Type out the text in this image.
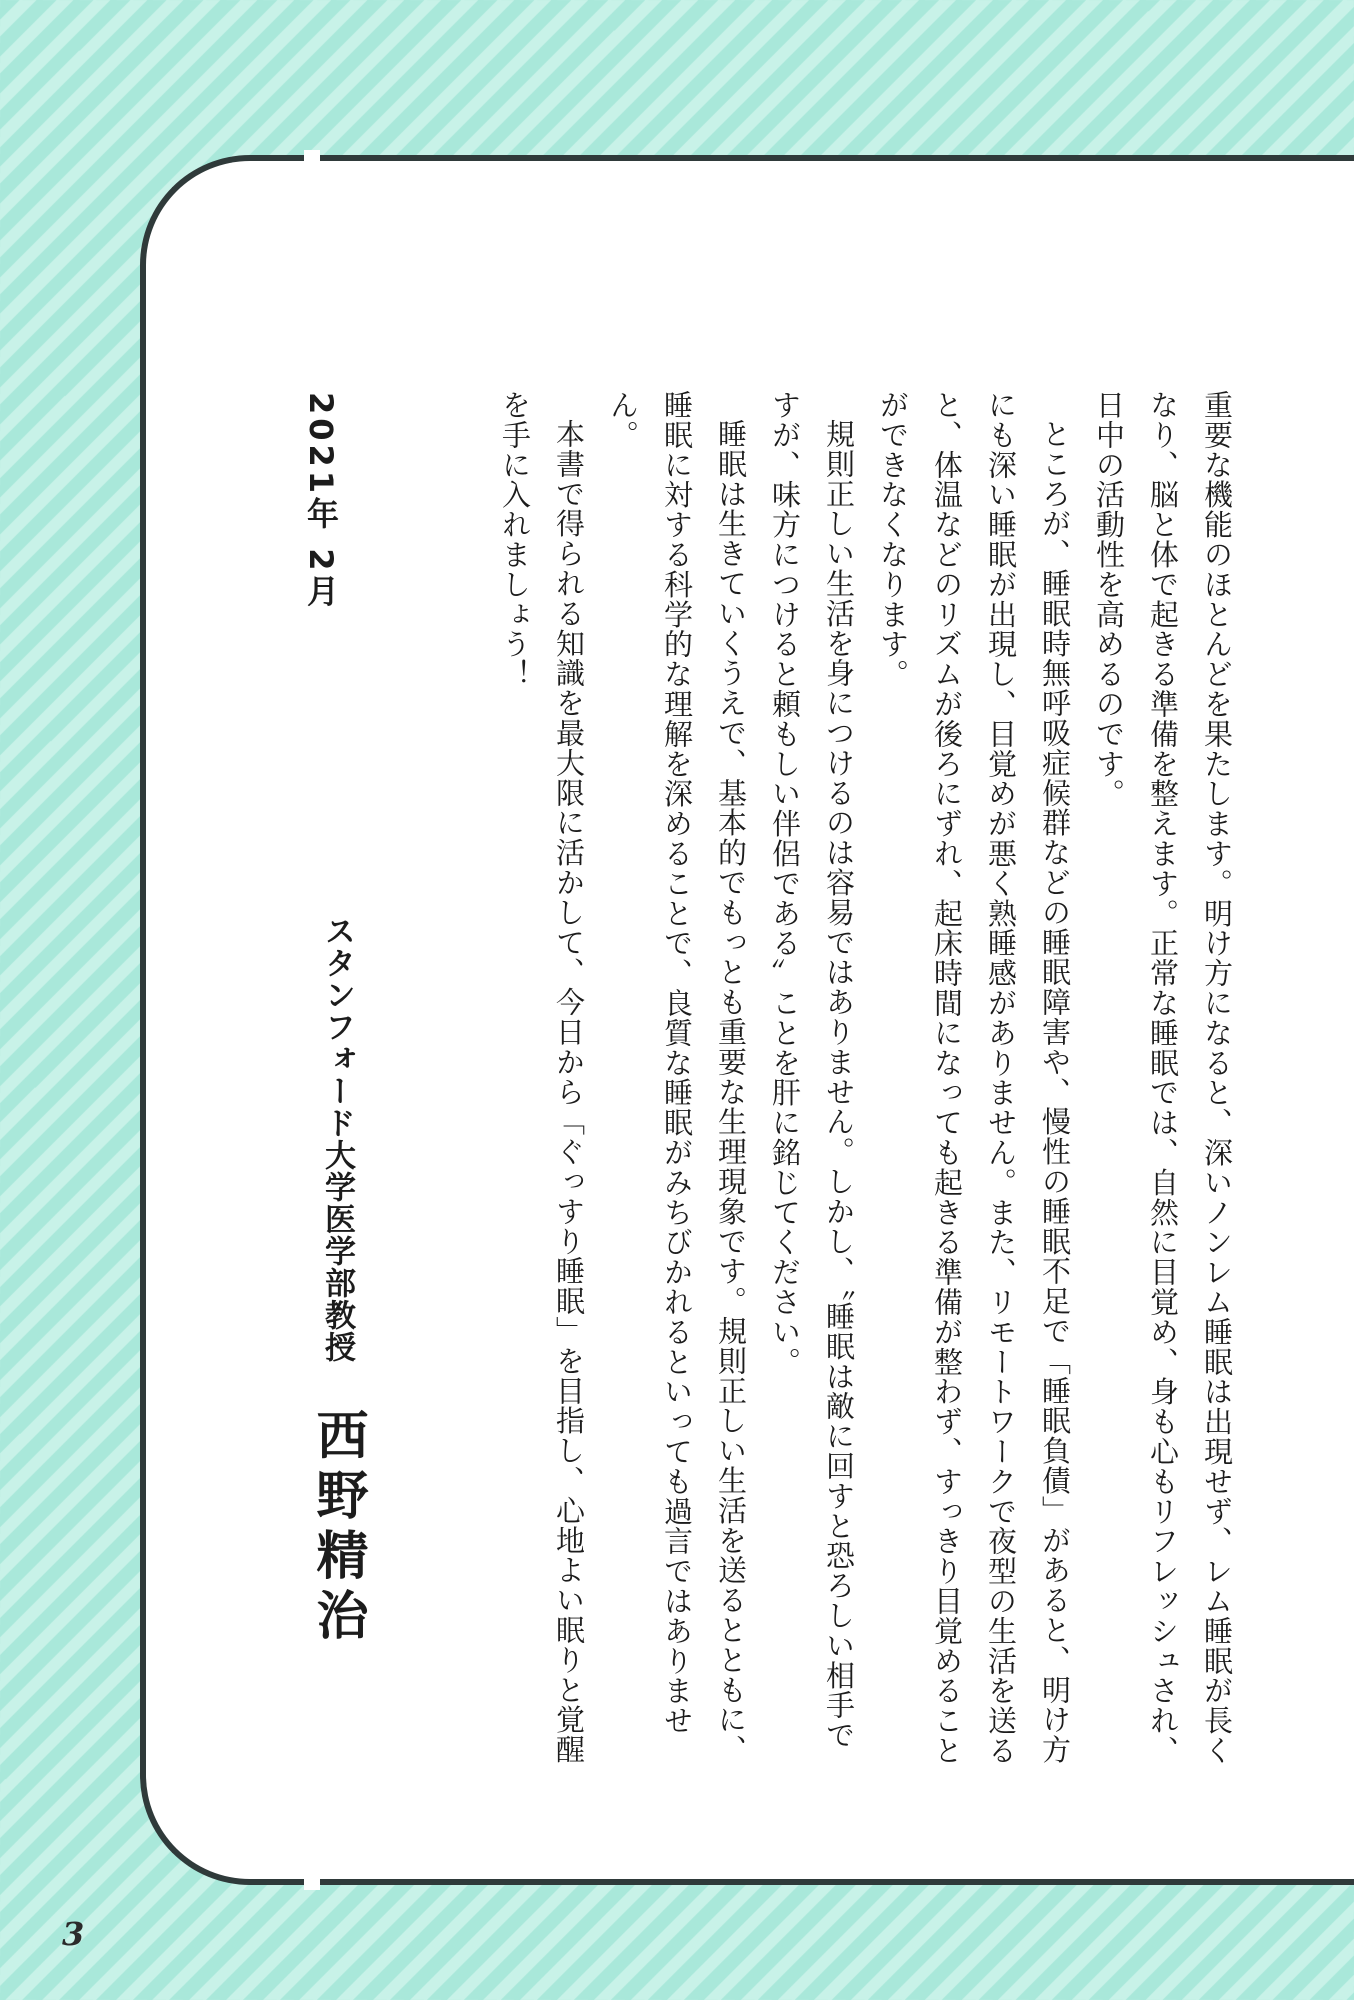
重要な機能のほとんどを果たします。明け方になると、深いノンレム睡眠は出現せず、レム睡眠が長くなり、脳と体で起きる準備を整えます。正常な睡眠では、自然に目覚め、身も心もリフレッシュされ、日中の活動性を高めるのです。

ところが、睡眠時無呼吸症候群などの睡眠障害や、慢性の睡眠不足で「睡眠負債」があると、明け方にも深い睡眠が出現し、目覚めが悪く熟睡感がありません。また、リモートワークで夜型の生活を送ると、体温などのリズムが後ろにずれ、起床時間になっても起きる準備が整わず、すっきり目覚めることができなくなります。

規則正しい生活を身につけるのは容易ではありません。しかし、〝睡眠は敵に回すと恐ろしい相手ですが、味方につけると頼もしい伴侶である〟ことを肝に銘じてください。

睡眠は生きていくうえで、基本的でもっとも重要な生理現象です。規則正しい生活を送るとともに、睡眠に対する科学的な理解を深めることで、良質な睡眠がみちびかれるといっても過言ではありません。

本書で得られる知識を最大限に活かして、今日から「ぐっすり睡眠」を目指し、心地よい眠りと覚醒を手に入れましょう！

2021年 2月
スタンフォード大学医学部教授 西野精治
3
